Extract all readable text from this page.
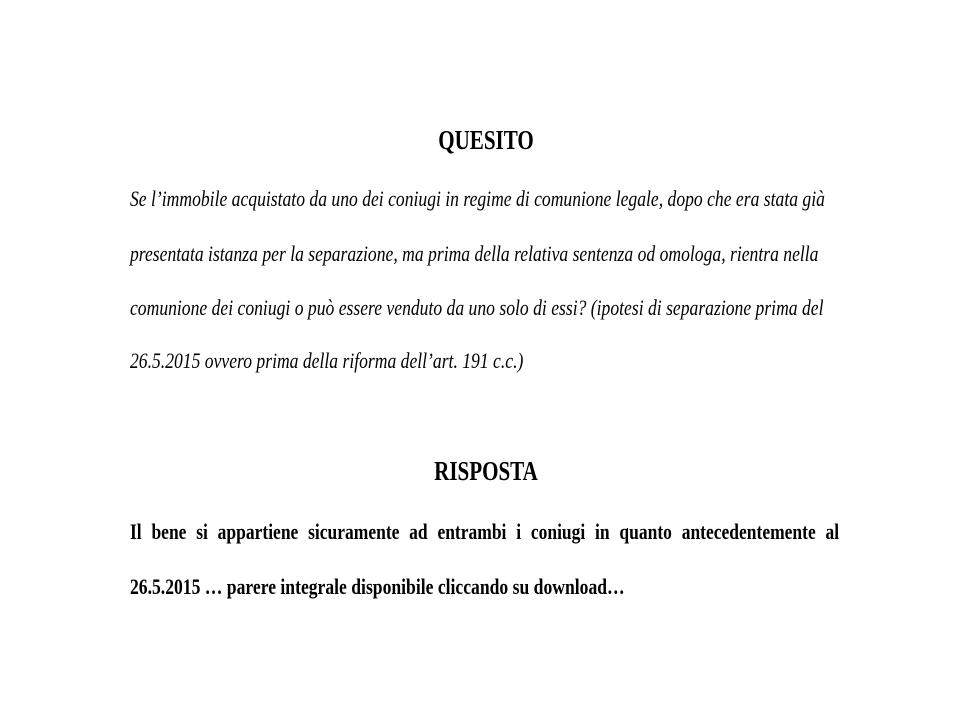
QUESITO
Se l’immobile acquistato da uno dei coniugi in regime di comunione legale, dopo che era stata già
presentata istanza per la separazione, ma prima della relativa sentenza od omologa, rientra nella
comunione dei coniugi o può essere venduto da uno solo di essi? (ipotesi di separazione prima del
26.5.2015 ovvero prima della riforma dell’art. 191 c.c.)
RISPOSTA
Il bene si appartiene sicuramente ad entrambi i coniugi in quanto antecedentemente al
26.5.2015 … parere integrale disponibile cliccando su download…
